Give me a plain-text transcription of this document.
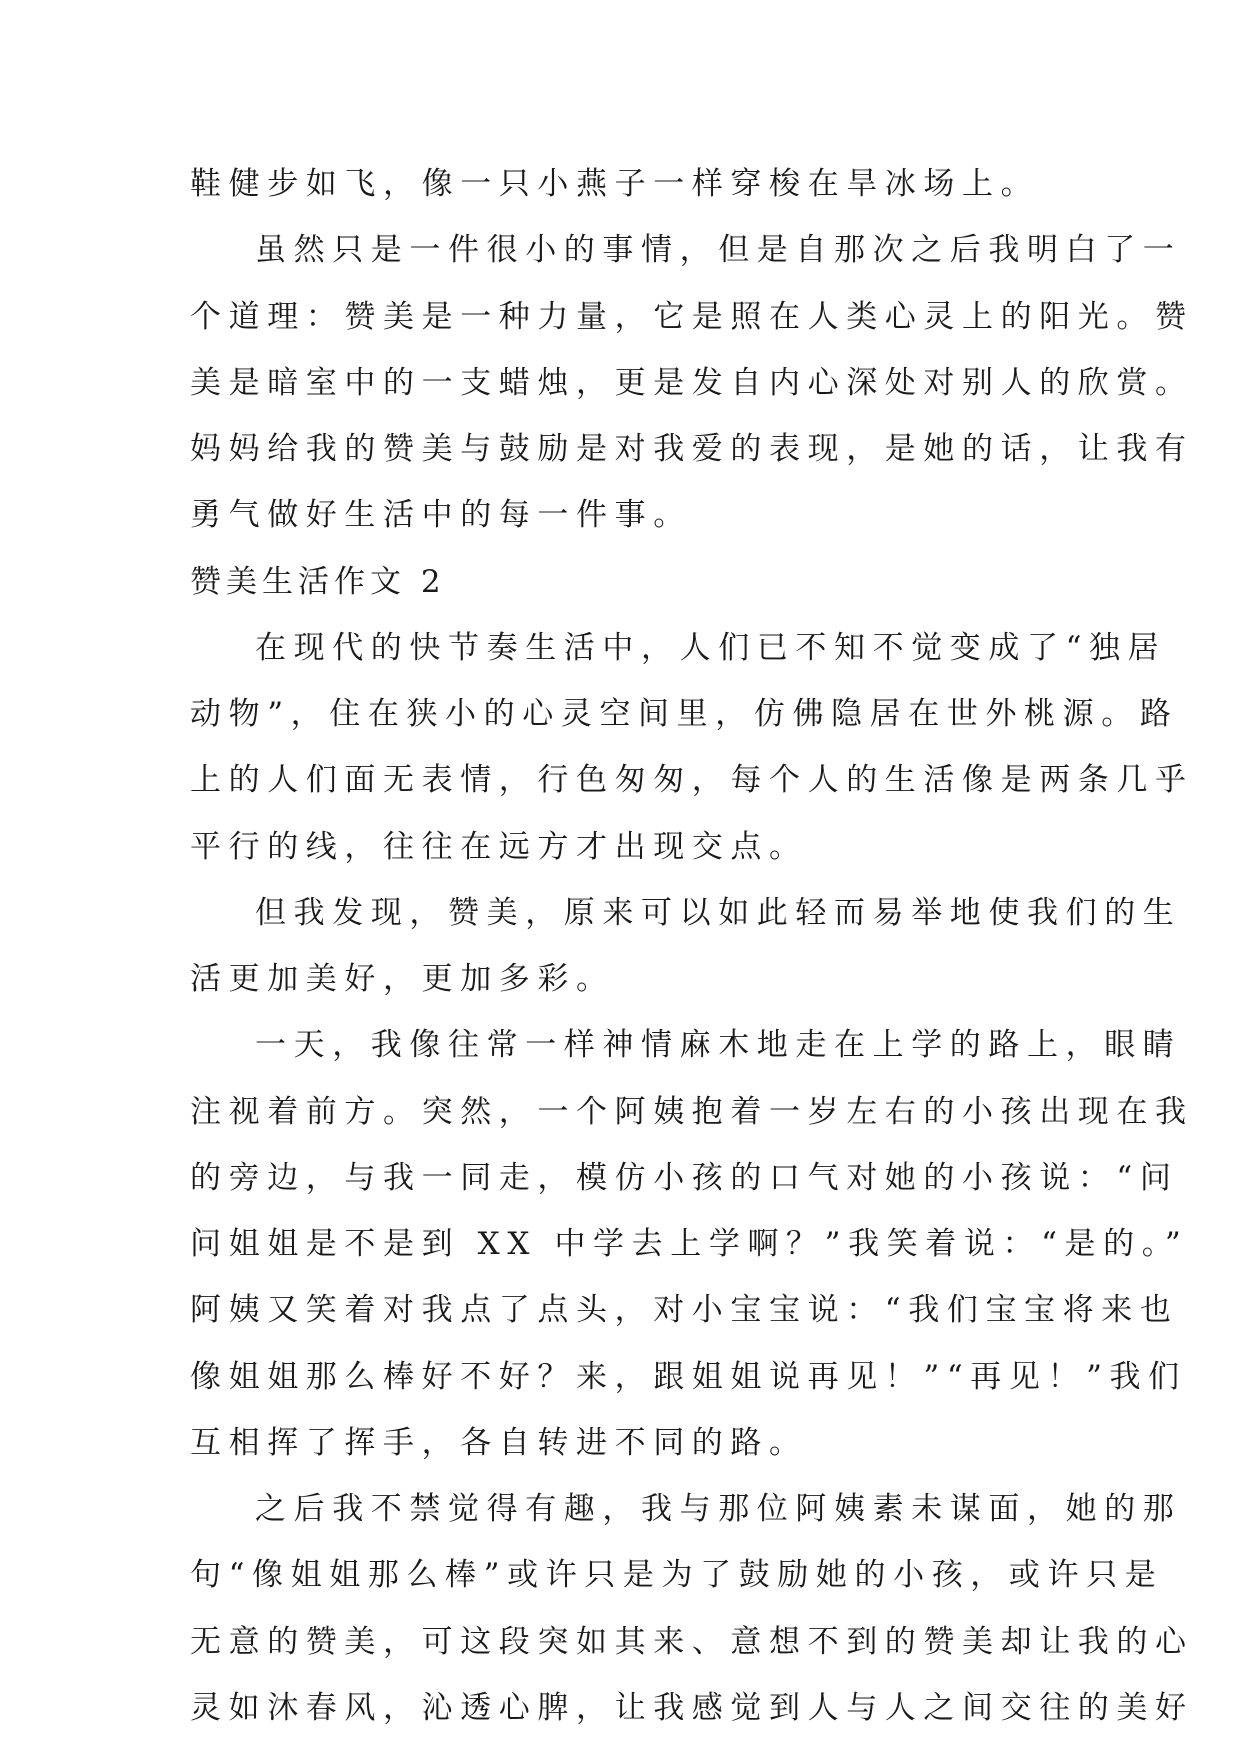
鞋健步如飞，像一只小燕子一样穿梭在旱冰场上。
虽然只是一件很小的事情，但是自那次之后我明白了一
个道理：赞美是一种力量，它是照在人类心灵上的阳光。赞
美是暗室中的一支蜡烛，更是发自内心深处对别人的欣赏。
妈妈给我的赞美与鼓励是对我爱的表现，是她的话，让我有
勇气做好生活中的每一件事。
赞美生活作文 2
在现代的快节奏生活中，人们已不知不觉变成了“独居
动物”，住在狭小的心灵空间里，仿佛隐居在世外桃源。路
上的人们面无表情，行色匆匆，每个人的生活像是两条几乎
平行的线，往往在远方才出现交点。
但我发现，赞美，原来可以如此轻而易举地使我们的生
活更加美好，更加多彩。
一天，我像往常一样神情麻木地走在上学的路上，眼睛
注视着前方。突然，一个阿姨抱着一岁左右的小孩出现在我
的旁边，与我一同走，模仿小孩的口气对她的小孩说：“问
问姐姐是不是到 XX 中学去上学啊？”我笑着说：“是的。”
阿姨又笑着对我点了点头，对小宝宝说：“我们宝宝将来也
像姐姐那么棒好不好？来，跟姐姐说再见！”“再见！”我们
互相挥了挥手，各自转进不同的路。
之后我不禁觉得有趣，我与那位阿姨素未谋面，她的那
句“像姐姐那么棒”或许只是为了鼓励她的小孩，或许只是
无意的赞美，可这段突如其来、意想不到的赞美却让我的心
灵如沐春风，沁透心脾，让我感觉到人与人之间交往的美好
